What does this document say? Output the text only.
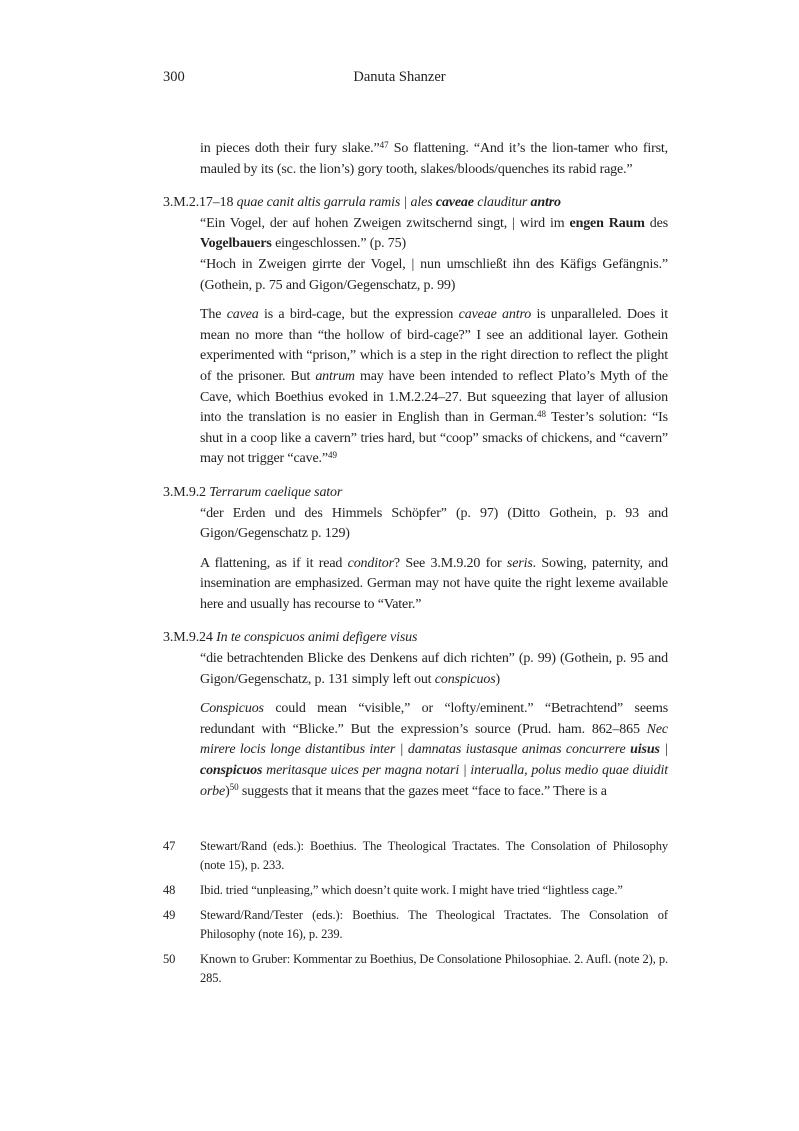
Danuta Shanzer
300

in pieces doth their fury slake.”$^{47}$ So flattening. “And it’s the lion-tamer who first, mauled by its (sc. the lion’s) gory tooth, slakes/bloods/quenches its rabid rage.”

3.M.2.17–18 quae canit altis garrula ramis | ales caveae clauditur antro

“Ein Vogel, der auf hohen Zweigen zwitschernd singt, | wird im engen Raum des Vogelbauers eingeschlossen.” (p. 75)

“Hoch in Zweigen girrte der Vogel, | nun umschließt ihn des Käfigs Gefängnis.” (Gothein, p. 75 and Gigon/Gegenschatz, p. 99)

The cavea is a bird-cage, but the expression caveae antro is unparalleled. Does it mean no more than “the hollow of bird-cage?” I see an additional layer. Gothein experimented with “prison,” which is a step in the right direction to reflect the plight of the prisoner. But antrum may have been intended to reflect Plato’s Myth of the Cave, which Boethius evoked in 1.M.2.24–27. But squeezing that layer of allusion into the translation is no easier in English than in German.$^{48}$ Tester’s solution: “Is shut in a coop like a cavern” tries hard, but “coop” smacks of chickens, and “cavern” may not trigger “cave.”$^{49}$

3.M.9.2 Terrarum caelique sator

“der Erden und des Himmels Schöpfer” (p. 97) (Ditto Gothein, p. 93 and Gigon/Gegenschatz p. 129)

A flattening, as if it read conditor? See 3.M.9.20 for seris. Sowing, paternity, and insemination are emphasized. German may not have quite the right lexeme available here and usually has recourse to “Vater.”

3.M.9.24 In te conspicuos animi defigere visus

“die betrachtenden Blicke des Denkens auf dich richten” (p. 99) (Gothein, p. 95 and Gigon/Gegenschatz, p. 131 simply left out conspicuos)

Conspicuos could mean “visible,” or “lofty/eminent.” “Betrachtend” seems redundant with “Blicke.” But the expression’s source (Prud. ham. 862–865 Nec mirere locis longe distantibus inter | damnatas iustasque animas concurrere uisus | conspicuos meritasque uices per magna notari | interualla, polus medio quae diuidit orbe)$^{50}$ suggests that it means that the gazes meet “face to face.” There is a

47	Stewart/Rand (eds.): Boethius. The Theological Tractates. The Consolation of Philosophy (note 15), p. 233.

48	Ibid. tried “unpleasing,” which doesn’t quite work. I might have tried “lightless cage.”

49	Steward/Rand/Tester (eds.): Boethius. The Theological Tractates. The Consolation of Philosophy (note 16), p. 239.

50	Known to Gruber: Kommentar zu Boethius, De Consolatione Philosophiae. 2. Aufl. (note 2), p. 285.
